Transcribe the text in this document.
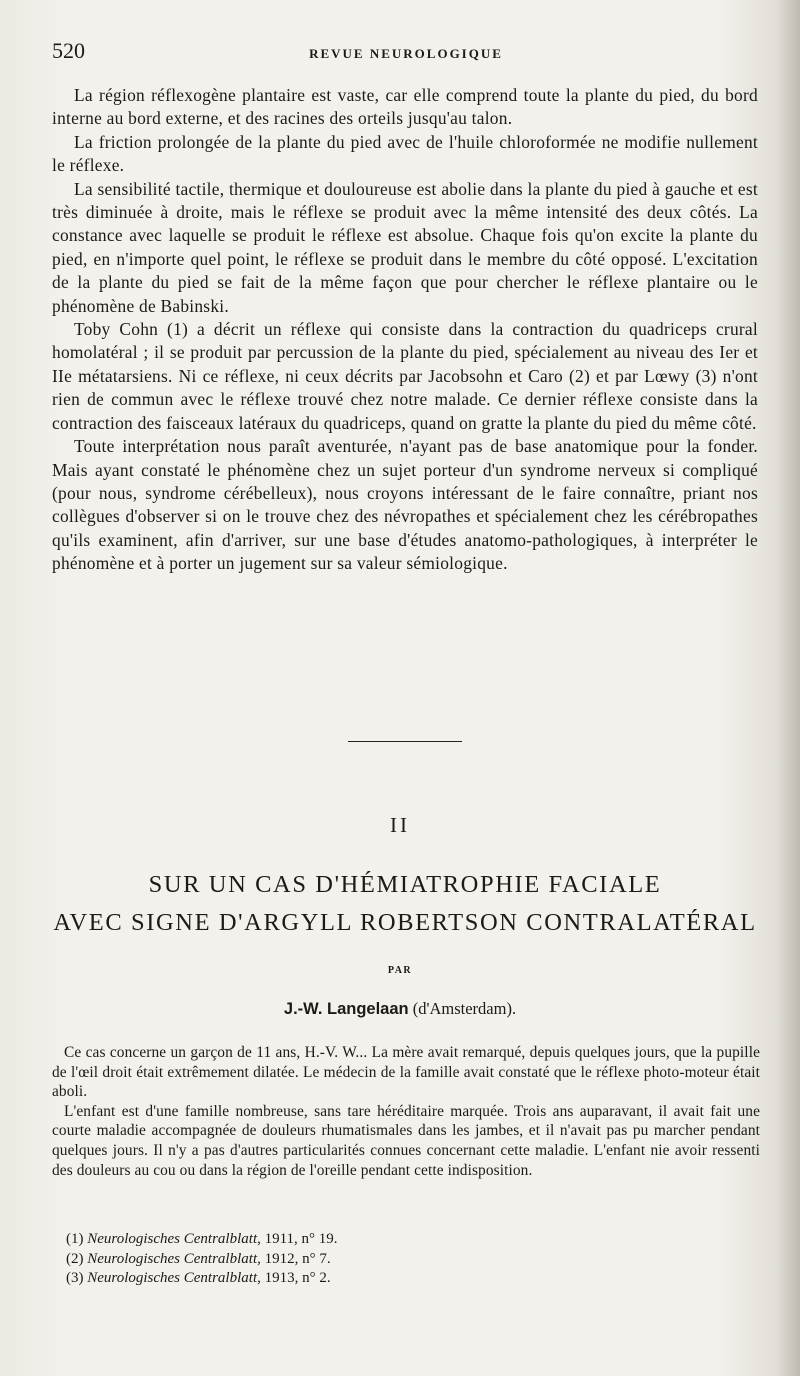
520	REVUE NEUROLOGIQUE

La région réflexogène plantaire est vaste, car elle comprend toute la plante du pied, du bord interne au bord externe, et des racines des orteils jusqu'au talon.

La friction prolongée de la plante du pied avec de l'huile chloroformée ne modifie nullement le réflexe.

La sensibilité tactile, thermique et douloureuse est abolie dans la plante du pied à gauche et est très diminuée à droite, mais le réflexe se produit avec la même intensité des deux côtés. La constance avec laquelle se produit le réflexe est absolue. Chaque fois qu'on excite la plante du pied, en n'importe quel point, le réflexe se produit dans le membre du côté opposé. L'excitation de la plante du pied se fait de la même façon que pour chercher le réflexe plantaire ou le phénomène de Babinski.

Toby Cohn (1) a décrit un réflexe qui consiste dans la contraction du quadriceps crural homolatéral ; il se produit par percussion de la plante du pied, spécialement au niveau des Ier et IIe métatarsiens. Ni ce réflexe, ni ceux décrits par Jacobsohn et Caro (2) et par Lœwy (3) n'ont rien de commun avec le réflexe trouvé chez notre malade. Ce dernier réflexe consiste dans la contraction des faisceaux latéraux du quadriceps, quand on gratte la plante du pied du même côté.

Toute interprétation nous paraît aventurée, n'ayant pas de base anatomique pour la fonder. Mais ayant constaté le phénomène chez un sujet porteur d'un syndrome nerveux si compliqué (pour nous, syndrome cérébelleux), nous croyons intéressant de le faire connaître, priant nos collègues d'observer si on le trouve chez des névropathes et spécialement chez les cérébropathes qu'ils examinent, afin d'arriver, sur une base d'études anatomo-pathologiques, à interpréter le phénomène et à porter un jugement sur sa valeur sémiologique.

II
SUR UN CAS D'HÉMIATROPHIE FACIALE
AVEC SIGNE D'ARGYLL ROBERTSON CONTRALATÉRAL
PAR
J.-W. Langelaan (d'Amsterdam).

Ce cas concerne un garçon de 11 ans, H.-V. W... La mère avait remarqué, depuis quelques jours, que la pupille de l'œil droit était extrêmement dilatée. Le médecin de la famille avait constaté que le réflexe photo-moteur était aboli.

L'enfant est d'une famille nombreuse, sans tare héréditaire marquée. Trois ans auparavant, il avait fait une courte maladie accompagnée de douleurs rhumatismales dans les jambes, et il n'avait pas pu marcher pendant quelques jours. Il n'y a pas d'autres particularités connues concernant cette maladie. L'enfant nie avoir ressenti des douleurs au cou ou dans la région de l'oreille pendant cette indisposition.

(1) Neurologisches Centralblatt, 1911, n° 19.
(2) Neurologisches Centralblatt, 1912, n° 7.
(3) Neurologisches Centralblatt, 1913, n° 2.
